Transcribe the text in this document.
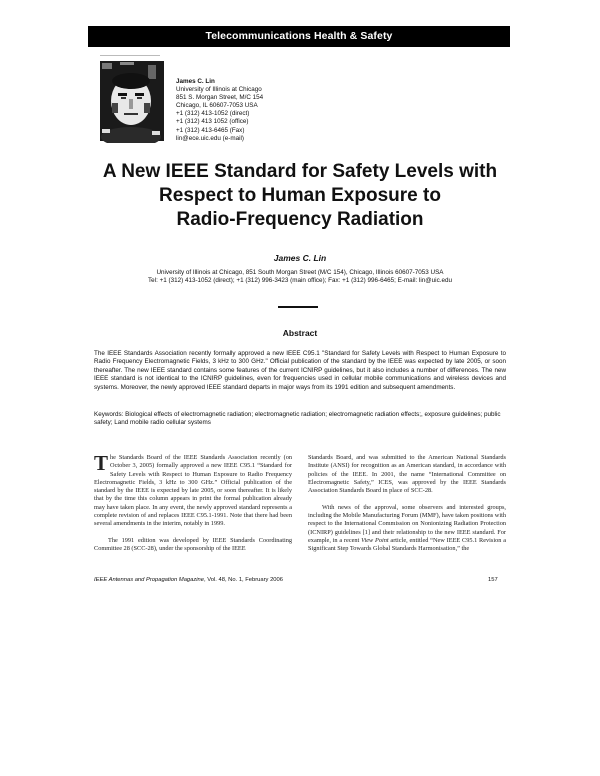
Telecommunications Health & Safety
James C. Lin
University of Illinois at Chicago
851 S. Morgan Street, M/C 154
Chicago, IL 60607-7053 USA
+1 (312) 413-1052 (direct)
+1 (312) 413 1052 (office)
+1 (312) 413-6465 (Fax)
lin@ece.uic.edu (e-mail)
A New IEEE Standard for Safety Levels with
Respect to Human Exposure to
Radio-Frequency Radiation
James C. Lin
University of Illinois at Chicago, 851 South Morgan Street (M/C 154), Chicago, Illinois 60607-7053 USA
Tel: +1 (312) 413-1052 (direct); +1 (312) 996-3423 (main office); Fax: +1 (312) 996-6465; E-mail: lin@uic.edu
Abstract
The IEEE Standards Association recently formally approved a new IEEE C95.1 "Standard for Safety Levels with Respect to Human Exposure to Radio Frequency Electromagnetic Fields, 3 kHz to 300 GHz." Official publication of the standard by the IEEE was expected by late 2005, or soon thereafter. The new IEEE standard contains some features of the current ICNIRP guidelines, but it also includes a number of differences. The new IEEE standard is not identical to the ICNIRP guidelines, even for frequencies used in cellular mobile communications and wireless devices and systems. Moreover, the newly approved IEEE standard departs in major ways from its 1991 edition and subsequent amendments.
Keywords: Biological effects of electromagnetic radiation; electromagnetic radiation; electromagnetic radiation effects;, exposure guidelines; public safety; Land mobile radio cellular systems

The Standards Board of the IEEE Standards Association recently (on October 3, 2005) formally approved a new IEEE C95.1 “Standard for Safety Levels with Respect to Human Exposure to Radio Frequency Electromagnetic Fields, 3 kHz to 300 GHz.” Official publication of the standard by the IEEE is expected by late 2005, or soon thereafter. It is likely that by the time this column appears in print the formal publication already may have taken place. In any event, the newly approved standard represents a complete revision of and replaces IEEE C95.1-1991. Note that there had been several amendments in the interim, notably in 1999.

The 1991 edition was developed by IEEE Standards Coordinating Committee 28 (SCC-28), under the sponsorship of the IEEE

Standards Board, and was submitted to the American National Standards Institute (ANSI) for recognition as an American standard, in accordance with policies of the IEEE. In 2001, the name “International Committee on Electromagnetic Safety,” ICES, was approved by the IEEE Standards Association Standards Board in place of SCC-28.

With news of the approval, some observers and interested groups, including the Mobile Manufacturing Forum (MMF), have taken positions with respect to the International Commission on Nonionizing Radiation Protection (ICNIRP) guidelines [1] and their relationship to the new IEEE standard. For example, in a recent View Point article, entitled “New IEEE C95.1 Revision a Significant Step Towards Global Standards Harmonisation,” the

IEEE Antennas and Propagation Magazine, Vol. 48, No. 1, February 2006	157
